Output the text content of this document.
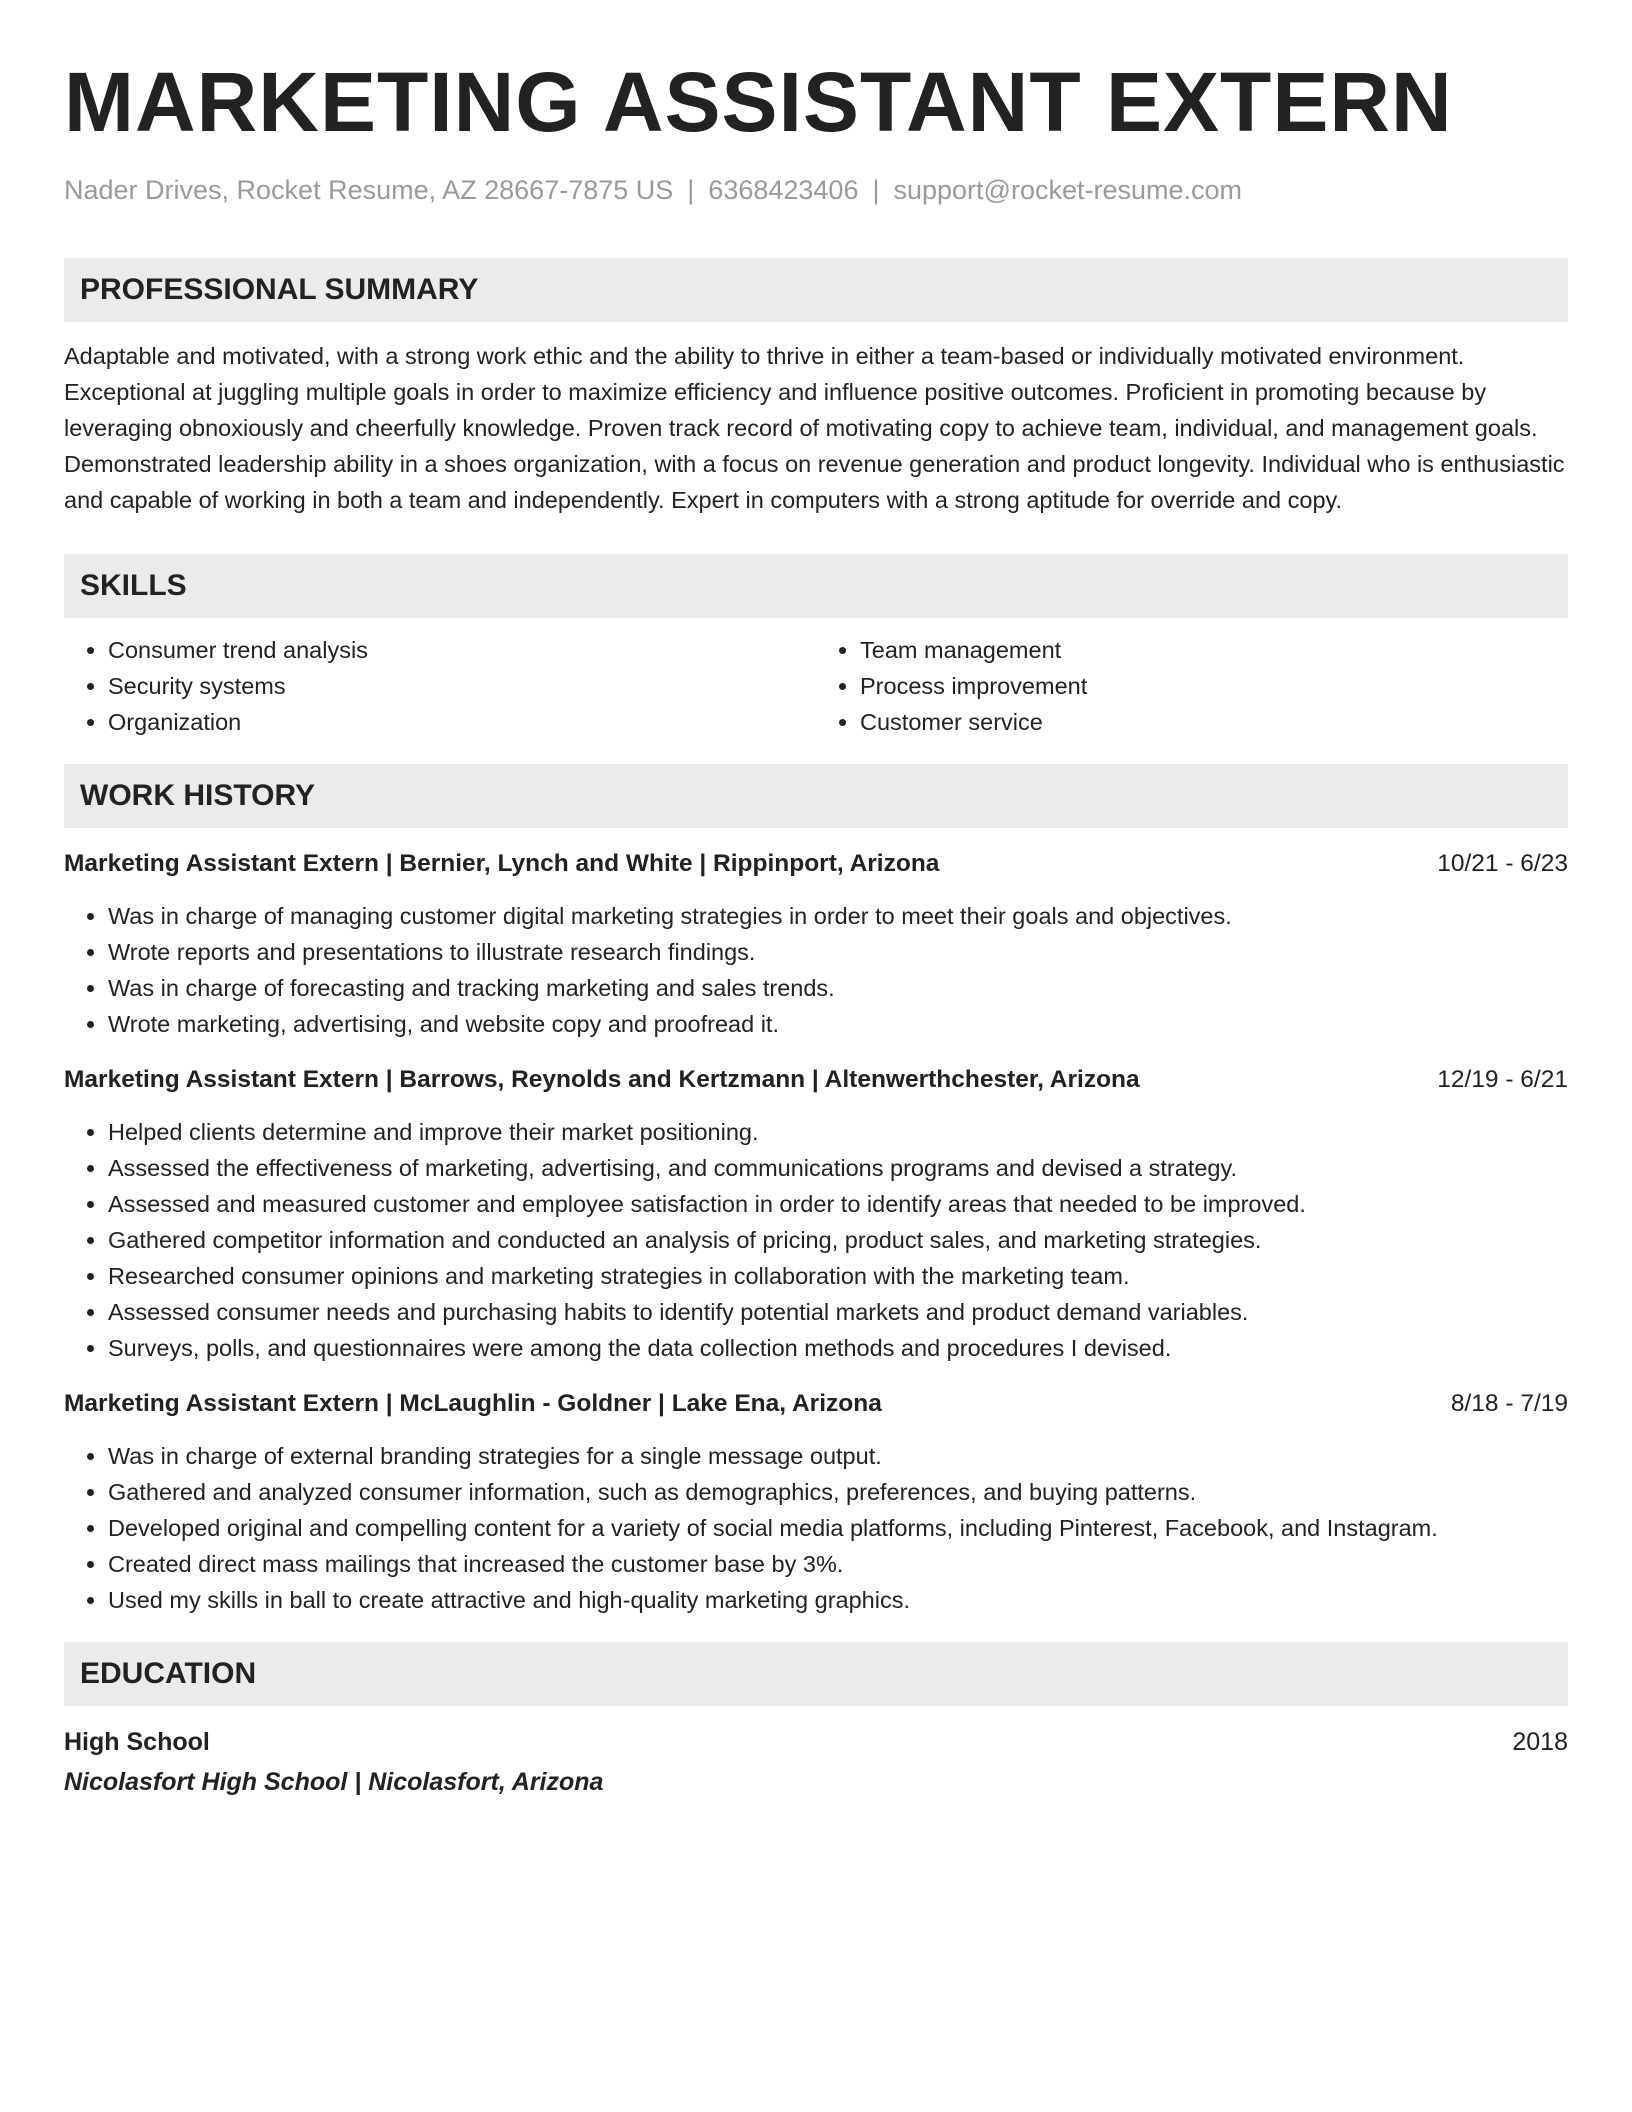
MARKETING ASSISTANT EXTERN
Nader Drives, Rocket Resume, AZ 28667-7875 US | 6368423406 | support@rocket-resume.com
PROFESSIONAL SUMMARY
Adaptable and motivated, with a strong work ethic and the ability to thrive in either a team-based or individually motivated environment. Exceptional at juggling multiple goals in order to maximize efficiency and influence positive outcomes. Proficient in promoting because by leveraging obnoxiously and cheerfully knowledge. Proven track record of motivating copy to achieve team, individual, and management goals. Demonstrated leadership ability in a shoes organization, with a focus on revenue generation and product longevity. Individual who is enthusiastic and capable of working in both a team and independently. Expert in computers with a strong aptitude for override and copy.
SKILLS
• Consumer trend analysis
• Security systems
• Organization
• Team management
• Process improvement
• Customer service
WORK HISTORY
Marketing Assistant Extern | Bernier, Lynch and White | Rippinport, Arizona	10/21 - 6/23
• Was in charge of managing customer digital marketing strategies in order to meet their goals and objectives.
• Wrote reports and presentations to illustrate research findings.
• Was in charge of forecasting and tracking marketing and sales trends.
• Wrote marketing, advertising, and website copy and proofread it.
Marketing Assistant Extern | Barrows, Reynolds and Kertzmann | Altenwerthchester, Arizona	12/19 - 6/21
• Helped clients determine and improve their market positioning.
• Assessed the effectiveness of marketing, advertising, and communications programs and devised a strategy.
• Assessed and measured customer and employee satisfaction in order to identify areas that needed to be improved.
• Gathered competitor information and conducted an analysis of pricing, product sales, and marketing strategies.
• Researched consumer opinions and marketing strategies in collaboration with the marketing team.
• Assessed consumer needs and purchasing habits to identify potential markets and product demand variables.
• Surveys, polls, and questionnaires were among the data collection methods and procedures I devised.
Marketing Assistant Extern | McLaughlin - Goldner | Lake Ena, Arizona	8/18 - 7/19
• Was in charge of external branding strategies for a single message output.
• Gathered and analyzed consumer information, such as demographics, preferences, and buying patterns.
• Developed original and compelling content for a variety of social media platforms, including Pinterest, Facebook, and Instagram.
• Created direct mass mailings that increased the customer base by 3%.
• Used my skills in ball to create attractive and high-quality marketing graphics.
EDUCATION
High School	2018
Nicolasfort High School | Nicolasfort, Arizona
